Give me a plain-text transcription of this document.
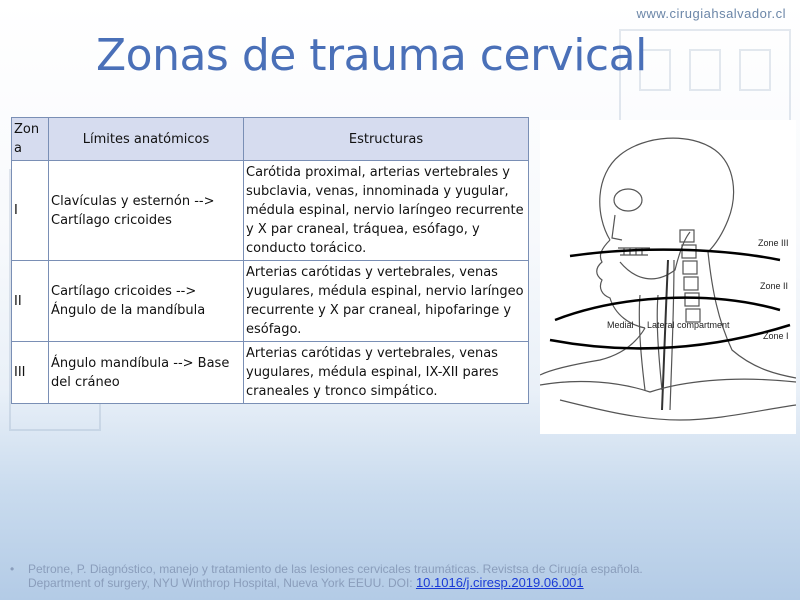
www.cirugiahsalvador.cl
Zonas de trauma cervical
Zon a	Límites anatómicos	Estructuras
I	Clavículas y esternón --> Cartílago cricoides	Carótida proximal, arterias vertebrales y subclavia, venas, innominada y yugular, médula espinal, nervio laríngeo recurrente y X par craneal, tráquea, esófago, y conducto torácico.
II	Cartílago cricoides --> Ángulo de la mandíbula	Arterias carótidas y vertebrales, venas yugulares, médula espinal, nervio laríngeo recurrente y X par craneal, hipofaringe y esófago.
III	Ángulo mandíbula --> Base del cráneo	Arterias carótidas y vertebrales, venas yugulares, médula espinal, IX-XII pares craneales y tronco simpático.
Zone III
Zone II
Zone I
Medial Lateral compartment
• Petrone, P. Diagnóstico, manejo y tratamiento de las lesiones cervicales traumáticas. Revistsa de Cirugía española.
Department of surgery, NYU Winthrop Hospital, Nueva York EEUU. DOI: 10.1016/j.ciresp.2019.06.001
